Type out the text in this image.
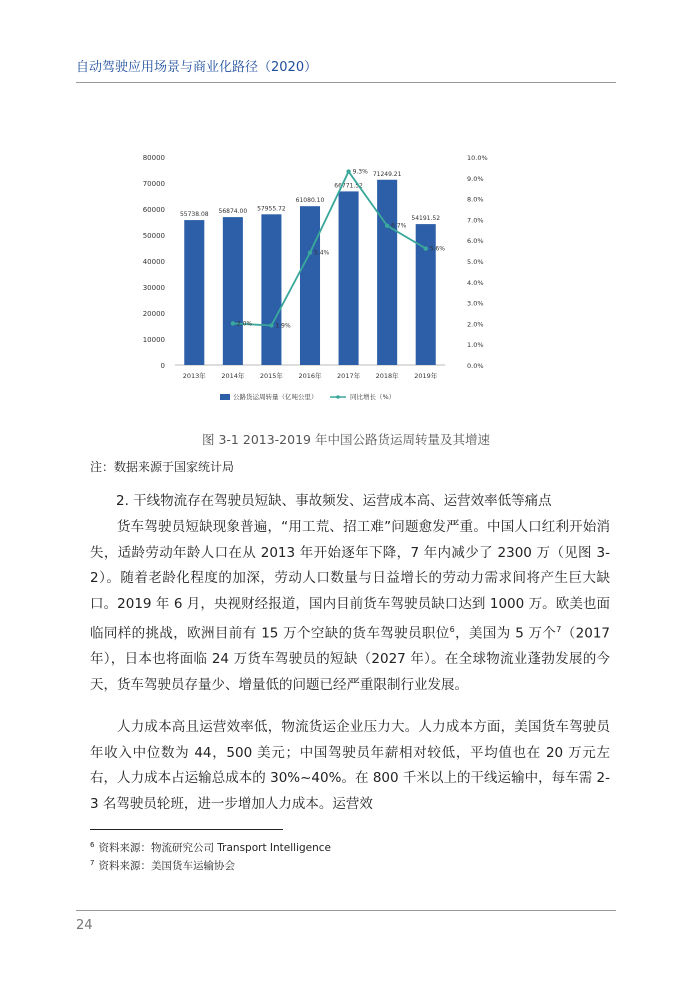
自动驾驶应用场景与商业化路径（2020）
0
10000
20000
30000
40000
50000
60000
70000
80000
0.0%
1.0%
2.0%
3.0%
4.0%
5.0%
6.0%
7.0%
8.0%
9.0%
10.0%
55738.08 56874.00 57955.72
61080.10
66771.52
71249.21
54191.52
2013年 2014年 2015年 2016年 2017年 2018年 2019年
2.0%	1.9%
5.4%
9.3%
6.7%
5.6%
公路货运周转量（亿吨公里）	同比增长（%）
图 3-1 2013-2019 年中国公路货运周转量及其增速
注：数据来源于国家统计局
2. 干线物流存在驾驶员短缺、事故频发、运营成本高、运营效率低等痛点
货车驾驶员短缺现象普遍，“用工荒、招工难”问题愈发严重。中国人口红利开始消失，适龄劳动年龄人口在从 2013 年开始逐年下降，7 年内减少了 2300 万（见图 3-2）。随着老龄化程度的加深，劳动人口数量与日益增长的劳动力需求间将产生巨大缺口。2019 年 6 月，央视财经报道，国内目前货车驾驶员缺口达到 1000 万。欧美也面临同样的挑战，欧洲目前有 15 万个空缺的货车驾驶员职位$^6$，美国为 5 万个$^7$（2017 年），日本也将面临 24 万货车驾驶员的短缺（2027 年）。在全球物流业蓬勃发展的今天，货车驾驶员存量少、增量低的问题已经严重限制行业发展。
人力成本高且运营效率低，物流货运企业压力大。人力成本方面，美国货车驾驶员年收入中位数为 44，500 美元；中国驾驶员年薪相对较低，平均值也在 20 万元左右，人力成本占运输总成本的 30%~40%。在 800 千米以上的干线运输中，每车需 2-3 名驾驶员轮班，进一步增加人力成本。运营效
$^6$ 资料来源：物流研究公司 Transport Intelligence
$^7$ 资料来源：美国货车运输协会
24
